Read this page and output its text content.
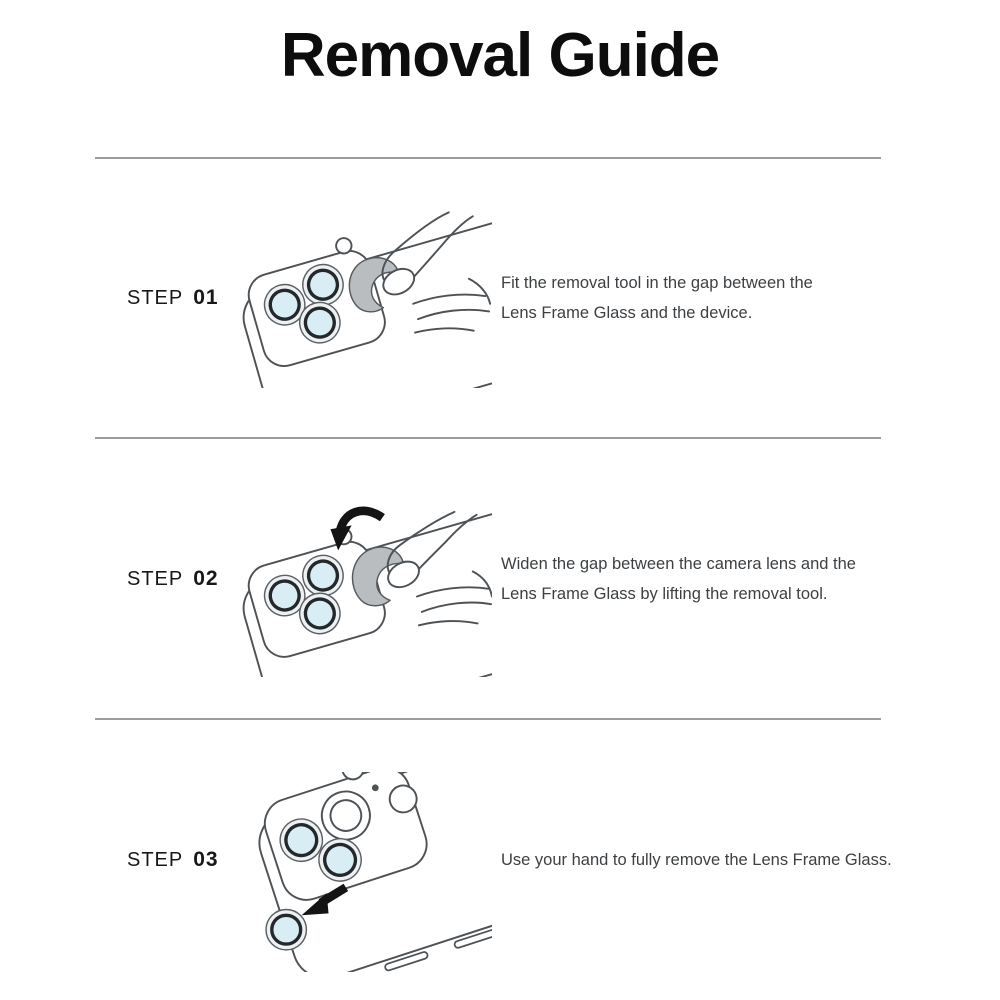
Removal Guide
STEP 01
Fit the removal tool in the gap between the
Lens Frame Glass and the device.
STEP 02
Widen the gap between the camera lens and the
Lens Frame Glass by lifting the removal tool.
STEP 03	Use your hand to fully remove the Lens Frame Glass.
